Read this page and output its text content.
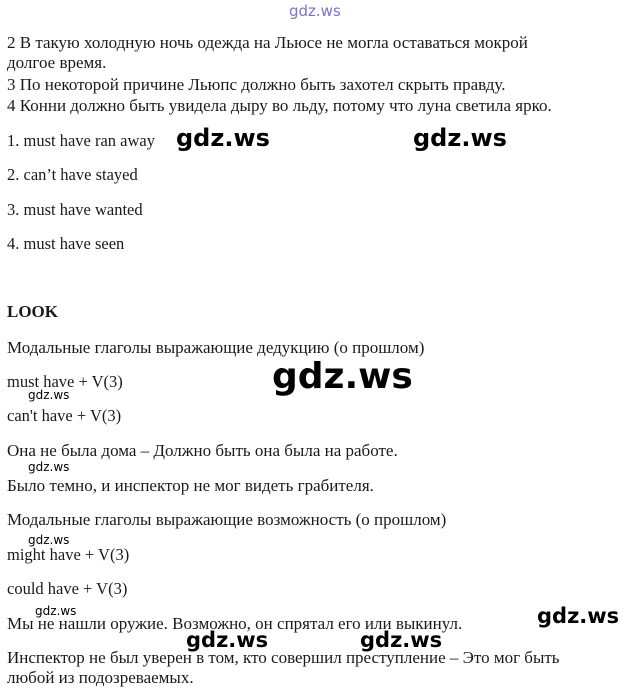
gdz.ws
2 В такую холодную ночь одежда на Льюсе не могла оставаться мокрой
долгое время.
3 По некоторой причине Льюпс должно быть захотел скрыть правду.
4 Конни должно быть увидела дыру во льду, потому что луна светила ярко.
1. must have ran away
2. can’t have stayed
3. must have wanted
4. must have seen
LOOK
Модальные глаголы выражающие дедукцию (о прошлом)
must have + V(3)
can't have + V(3)
Она не была дома – Должно быть она была на работе.
Было темно, и инспектор не мог видеть грабителя.
Модальные глаголы выражающие возможность (о прошлом)
might have + V(3)
could have + V(3)
Мы не нашли оружие. Возможно, он спрятал его или выкинул.
Инспектор не был уверен в том, кто совершил преступление – Это мог быть
любой из подозреваемых.
gdz.ws	gdz.ws
gdz.ws
gdz.ws
gdz.ws
gdz.ws
gdz.ws	gdz.ws
gdz.ws	gdz.ws
